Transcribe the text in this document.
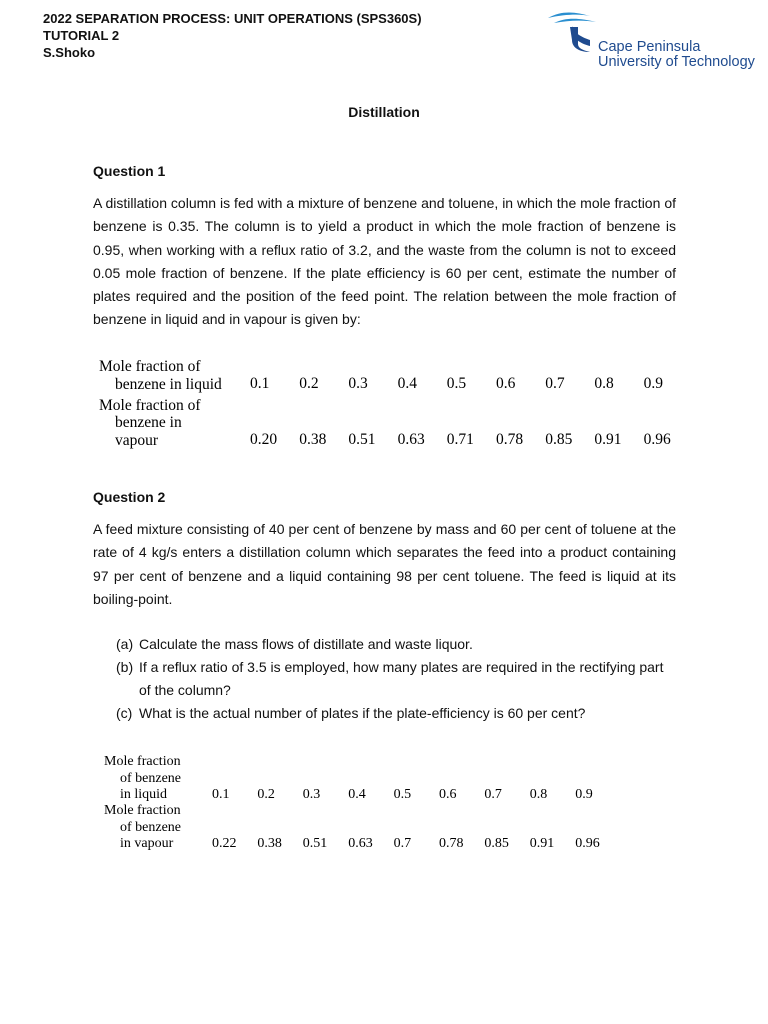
2022 SEPARATION PROCESS: UNIT OPERATIONS (SPS360S)
TUTORIAL 2
S.Shoko	Cape Peninsula
University of Technology
Distillation
Question 1
A distillation column is fed with a mixture of benzene and toluene, in which the mole fraction of benzene is 0.35. The column is to yield a product in which the mole fraction of benzene is 0.95, when working with a reflux ratio of 3.2, and the waste from the column is not to exceed 0.05 mole fraction of benzene. If the plate efficiency is 60 per cent, estimate the number of plates required and the position of the feed point. The relation between the mole fraction of benzene in liquid and in vapour is given by:
Mole fraction of
benzene in liquid
Mole fraction of
benzene in
vapour
0.1 0.2 0.3 0.4 0.5 0.6 0.7 0.8 0.9
0.20 0.38 0.51 0.63 0.71 0.78 0.85 0.91 0.96
Question 2
A feed mixture consisting of 40 per cent of benzene by mass and 60 per cent of toluene at the rate of 4 kg/s enters a distillation column which separates the feed into a product containing 97 per cent of benzene and a liquid containing 98 per cent toluene. The feed is liquid at its boiling-point.
(a) Calculate the mass flows of distillate and waste liquor.
(b) If a reflux ratio of 3.5 is employed, how many plates are required in the rectifying part
of the column?
(c) What is the actual number of plates if the plate-efficiency is 60 per cent?
Mole fraction
of benzene
in liquid
Mole fraction
of benzene
in vapour
0.1 0.2 0.3 0.4 0.5 0.6 0.7 0.8 0.9
0.22 0.38 0.51 0.63 0.7 0.78 0.85 0.91 0.96
